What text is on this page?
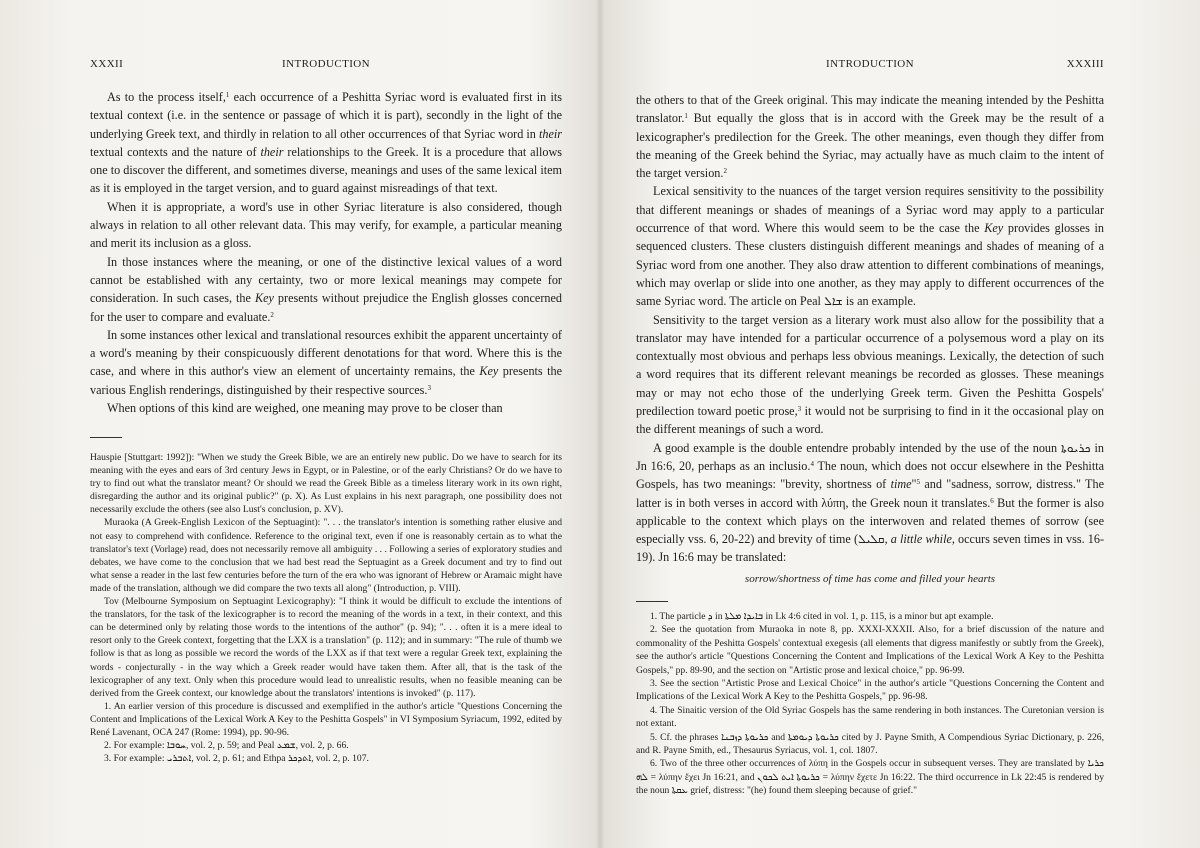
XXXII	INTRODUCTION

As to the process itself,$^1$ each occurrence of a Peshitta Syriac word is evaluated first in its textual context (i.e. in the sentence or passage of which it is part), secondly in the light of the underlying Greek text, and thirdly in relation to all other occurrences of that Syriac word in their textual contexts and the nature of their relationships to the Greek. It is a procedure that allows one to discover the different, and sometimes diverse, meanings and uses of the same lexical item as it is employed in the target version, and to guard against misreadings of that text.

When it is appropriate, a word's use in other Syriac literature is also considered, though always in relation to all other relevant data. This may verify, for example, a particular meaning and merit its inclusion as a gloss.

In those instances where the meaning, or one of the distinctive lexical values of a word cannot be established with any certainty, two or more lexical meanings may compete for consideration. In such cases, the Key presents without prejudice the English glosses concerned for the user to compare and evaluate.$^2$

In some instances other lexical and translational resources exhibit the apparent uncertainty of a word's meaning by their conspicuously different denotations for that word. Where this is the case, and where in this author's view an element of uncertainty remains, the Key presents the various English renderings, distinguished by their respective sources.$^3$

When options of this kind are weighed, one meaning may prove to be closer than

Hauspie [Stuttgart: 1992]): "When we study the Greek Bible, we are an entirely new public. Do we have to search for its meaning with the eyes and ears of 3rd century Jews in Egypt, or in Palestine, or of the early Christians? Or do we have to try to find out what the translator meant? Or should we read the Greek Bible as a timeless literary work in its own right, disregarding the author and its original public?" (p. X). As Lust explains in his next paragraph, one possibility does not necessarily exclude the others (see also Lust's conclusion, p. XV).

Muraoka (A Greek-English Lexicon of the Septuagint): ". . . the translator's intention is something rather elusive and not easy to comprehend with confidence. Reference to the original text, even if one is reasonably certain as to what the translator's text (Vorlage) read, does not necessarily remove all ambiguity . . . Following a series of exploratory studies and debates, we have come to the conclusion that we had best read the Septuagint as a Greek document and try to find out what sense a reader in the last few centuries before the turn of the era who was ignorant of Hebrew or Aramaic might have made of the translation, although we did compare the two texts all along" (Introduction, p. VIII).

Tov (Melbourne Symposium on Septuagint Lexicography): "I think it would be difficult to exclude the intentions of the translators, for the task of the lexicographer is to record the meaning of the words in a text, in their context, and this can be determined only by relating those words to the intentions of the author" (p. 94); ". . . often it is a mere ideal to resort only to the Greek context, forgetting that the LXX is a translation" (p. 112); and in summary: "The rule of thumb we follow is that as long as possible we record the words of the LXX as if that text were a regular Greek text, explaining the words - conjecturally - in the way which a Greek reader would have taken them. After all, that is the task of the lexicographer of any text. Only when this procedure would lead to unrealistic results, when no feasible meaning can be derived from the Greek context, our knowledge about the translators' intentions is invoked" (p. 117).

1. An earlier version of this procedure is discussed and exemplified in the author's article "Questions Concerning the Content and Implications of the Lexical Work A Key to the Peshitta Gospels" in VI Symposium Syriacum, 1992, edited by René Lavenant, OCA 247 (Rome: 1994), pp. 90-96.

2. For example: ܚܘܒܐ, vol. 2, p. 59; and Peal ܫܡܥ, vol. 2, p. 66.

3. For example: ܐܬܒܪܝ, vol. 2, p. 61; and Ethpa ܐܬܕܟܪ, vol. 2, p. 107.

INTRODUCTION	XXXIII

the others to that of the Greek original. This may indicate the meaning intended by the Peshitta translator.$^1$ But equally the gloss that is in accord with the Greek may be the result of a lexicographer's predilection for the Greek. The other meanings, even though they differ from the meaning of the Greek behind the Syriac, may actually have as much claim to the intent of the target version.$^2$

Lexical sensitivity to the nuances of the target version requires sensitivity to the possibility that different meanings or shades of meanings of a Syriac word may apply to a particular occurrence of that word. Where this would seem to be the case the Key provides glosses in sequenced clusters. These clusters distinguish different meanings and shades of meaning of a Syriac word from one another. They also draw attention to different combinations of meanings, which may overlap or slide into one another, as they may apply to different occurrences of the same Syriac word. The article on Peal ܫܐܠ is an example.

Sensitivity to the target version as a literary work must also allow for the possibility that a translator may have intended for a particular occurrence of a polysemous word a play on its contextually most obvious and perhaps less obvious meanings. Lexically, the detection of such a word requires that its different relevant meanings be recorded as glosses. These meanings may or may not echo those of the underlying Greek term. Given the Peshitta Gospels' predilection toward poetic prose,$^3$ it would not be surprising to find in it the occasional play on the different meanings of such a word.

A good example is the double entendre probably intended by the use of the noun ܟܪܝܘܬܐ in Jn 16:6, 20, perhaps as an inclusio.$^4$ The noun, which does not occur elsewhere in the Peshitta Gospels, has two meanings: "brevity, shortness of time"$^5$ and "sadness, sorrow, distress." The latter is in both verses in accord with λύπη, the Greek noun it translates.$^6$ But the former is also applicable to the context which plays on the interwoven and related themes of sorrow (see especially vss. 6, 20-22) and brevity of time (ܩܠܝܠ, a little while, occurs seven times in vss. 16-19). Jn 16:6 may be translated:

sorrow/shortness of time has come and filled your hearts

1. The particle ܕ in ܒܐܝܕܐ ܡܠܬܐ in Lk 4:6 cited in vol. 1, p. 115, is a minor but apt example.

2. See the quotation from Muraoka in note 8, pp. XXXI-XXXII. Also, for a brief discussion of the nature and commonality of the Peshitta Gospels' contextual exegesis (all elements that digress manifestly or subtly from the Greek), see the author's article "Questions Concerning the Content and Implications of the Lexical Work A Key to the Peshitta Gospels," pp. 89-90, and the section on "Artistic prose and lexical choice," pp. 96-99.

3. See the section "Artistic Prose and Lexical Choice" in the author's article "Questions Concerning the Content and Implications of the Lexical Work A Key to the Peshitta Gospels," pp. 96-98.

4. The Sinaitic version of the Old Syriac Gospels has the same rendering in both instances. The Curetonian version is not extant.

5. Cf. the phrases ܟܪܝܘܬܐ ܕܙܒܢܐ and ܟܪܝܘܬܐ ܕܝܘܡܬܐ cited by J. Payne Smith, A Compendious Syriac Dictionary, p. 226, and R. Payne Smith, ed., Thesaurus Syriacus, vol. 1, col. 1807.

6. Two of the three other occurrences of λύπη in the Gospels occur in subsequent verses. They are translated by ܟܪܝܐ ܠܗ = λύπην ἔχει Jn 16:21, and ܟܪܝܘܬܐ ܐܝܬ ܠܟܘܢ = λύπην ἔχετε Jn 16:22. The third occurrence in Lk 22:45 is rendered by the noun ܥܩܬܐ grief, distress: "(he) found them sleeping because of grief."
